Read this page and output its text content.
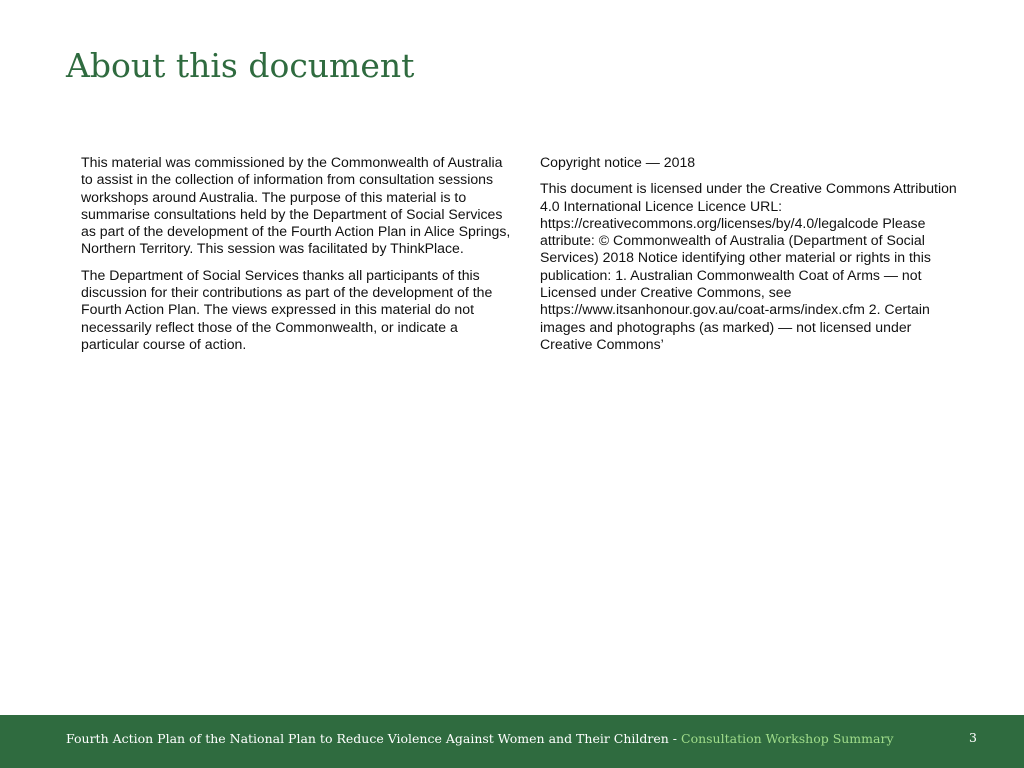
About this document

This material was commissioned by the Commonwealth of Australia to assist in the collection of information from consultation sessions workshops around Australia. The purpose of this material is to summarise consultations held by the Department of Social Services as part of the development of the Fourth Action Plan in Alice Springs, Northern Territory. This session was facilitated by ThinkPlace.

The Department of Social Services thanks all participants of this discussion for their contributions as part of the development of the Fourth Action Plan. The views expressed in this material do not necessarily reflect those of the Commonwealth, or indicate a particular course of action.

Copyright notice — 2018

This document is licensed under the Creative Commons Attribution 4.0 International Licence Licence URL: https://creativecommons.org/licenses/by/4.0/legalcode Please attribute: © Commonwealth of Australia (Department of Social Services) 2018 Notice identifying other material or rights in this publication: 1. Australian Commonwealth Coat of Arms — not Licensed under Creative Commons, see https://www.itsanhonour.gov.au/coat-arms/index.cfm 2. Certain images and photographs (as marked) — not licensed under Creative Commons’

Fourth Action Plan of the National Plan to Reduce Violence Against Women and Their Children - Consultation Workshop Summary	3
